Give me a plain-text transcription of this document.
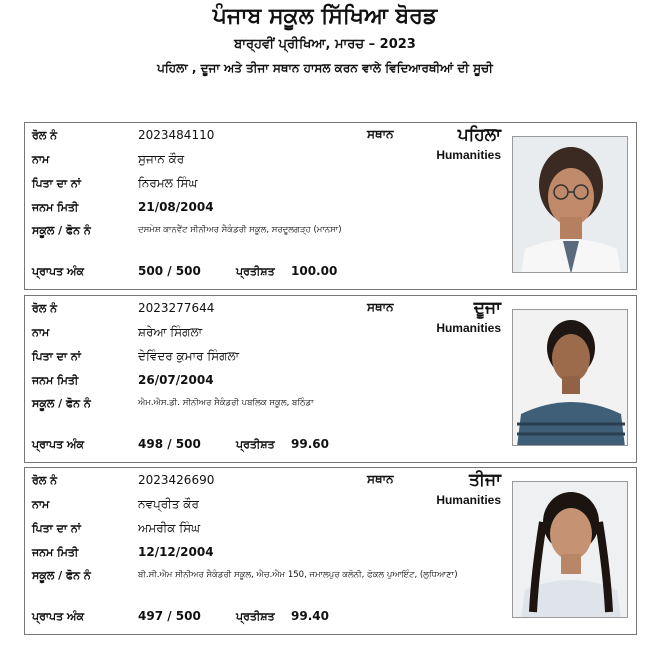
ਪੰਜਾਬ ਸਕੂਲ ਸਿੱਖਿਆ ਬੋਰਡ
ਬਾਰ੍ਹਵੀਂ ਪ੍ਰੀਖਿਆ, ਮਾਰਚ – 2023
ਪਹਿਲਾ , ਦੂਜਾ ਅਤੇ ਤੀਜਾ ਸਥਾਨ ਹਾਸਲ ਕਰਨ ਵਾਲੇ ਵਿਦਿਆਰਥੀਆਂ ਦੀ ਸੂਚੀ
ਰੋਲ ਨੰ	2023484110	ਸਥਾਨ	ਪਹਿਲਾ
Humanities
ਨਾਮ	ਸੁਜਾਨ ਕੌਰ
ਪਿਤਾ ਦਾ ਨਾਂ	ਨਿਰਮਲ ਸਿੰਘ
ਜਨਮ ਮਿਤੀ	21/08/2004
ਸਕੂਲ / ਫੋਨ ਨੰ	ਦਸਮੇਸ਼ ਕਾਨਵੈਂਟ ਸੀਨੀਅਰ ਸੈਕੰਡਰੀ ਸਕੂਲ, ਸਰਦੂਲਗੜ੍ਹ (ਮਾਨਸਾ)
ਪ੍ਰਾਪਤ ਅੰਕ	500 / 500	ਪ੍ਰਤੀਸ਼ਤ 100.00
ਰੋਲ ਨੰ	2023277644	ਸਥਾਨ	ਦੂਜਾ
Humanities
ਨਾਮ	ਸ਼ਰੇਆ ਸਿੰਗਲਾ
ਪਿਤਾ ਦਾ ਨਾਂ	ਦੇਵਿੰਦਰ ਕੁਮਾਰ ਸਿੰਗਲਾ
ਜਨਮ ਮਿਤੀ	26/07/2004
ਸਕੂਲ / ਫੋਨ ਨੰ	ਐਮ.ਐਸ.ਡੀ. ਸੀਨੀਅਰ ਸੈਕੰਡਰੀ ਪਬਲਿਕ ਸਕੂਲ, ਬਠਿੰਡਾ
ਪ੍ਰਾਪਤ ਅੰਕ	498 / 500	ਪ੍ਰਤੀਸ਼ਤ 99.60
ਰੋਲ ਨੰ	2023426690	ਸਥਾਨ	ਤੀਜਾ
Humanities
ਨਾਮ	ਨਵਪ੍ਰੀਤ ਕੌਰ
ਪਿਤਾ ਦਾ ਨਾਂ	ਅਮਰੀਕ ਸਿੰਘ
ਜਨਮ ਮਿਤੀ	12/12/2004
ਸਕੂਲ / ਫੋਨ ਨੰ	ਬੀ.ਸੀ.ਐਮ ਸੀਨੀਅਰ ਸੈਕੰਡਰੀ ਸਕੂਲ, ਐਚ.ਐਮ 150, ਜਮਾਲਪੁਰ ਕਲੋਨੀ, ਫੋਕਲ ਪੁਆਇੰਟ, (ਲੁਧਿਆਣਾ)
ਪ੍ਰਾਪਤ ਅੰਕ	497 / 500	ਪ੍ਰਤੀਸ਼ਤ 99.40
